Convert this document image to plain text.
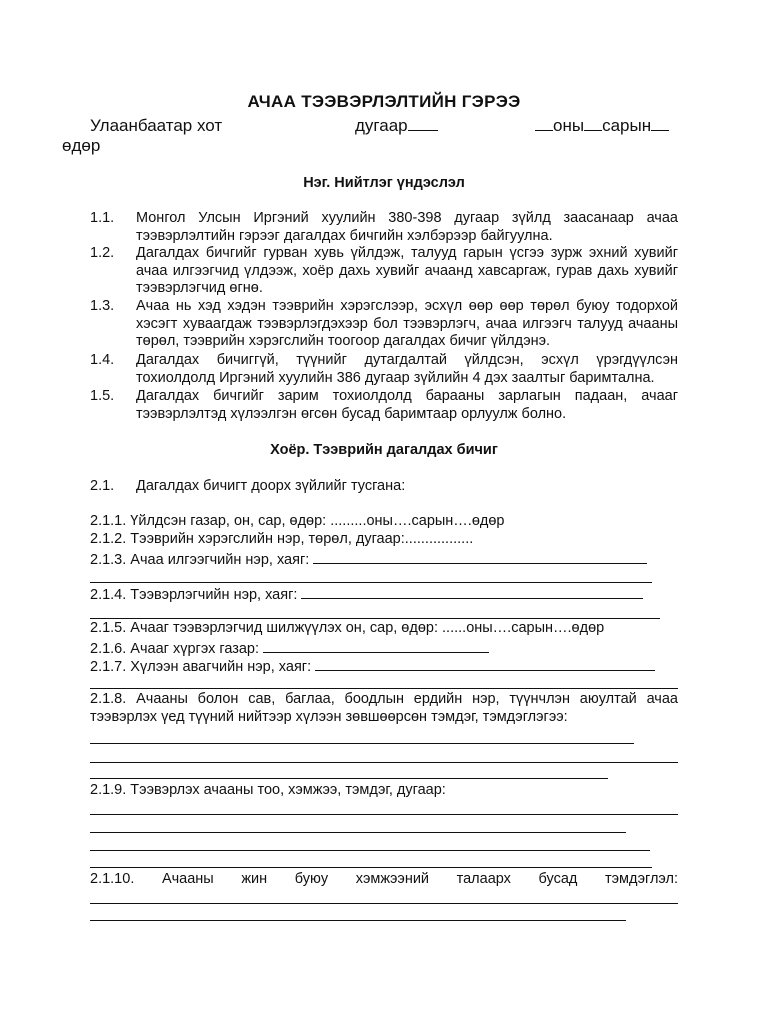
АЧАА ТЭЭВЭРЛЭЛТИЙН ГЭРЭЭ
Улаанбаатар хот	дугаар	оны сарын
өдөр
Нэг. Нийтлэг үндэслэл
1.1. Монгол Улсын Иргэний хуулийн 380-398 дугаар зүйлд заасанаар ачаа тээвэрлэлтийн гэрээг дагалдах бичгийн хэлбэрээр байгуулна.
1.2. Дагалдах бичгийг гурван хувь үйлдэж, талууд гарын үсгээ зурж эхний хувийг ачаа илгээгчид үлдээж, хоёр дахь хувийг ачаанд хавсаргаж, гурав дахь хувийг тээвэрлэгчид өгнө.
1.3. Ачаа нь хэд хэдэн тээврийн хэрэгслээр, эсхүл өөр өөр төрөл буюу тодорхой хэсэгт хуваагдаж тээвэрлэгдэхээр бол тээвэрлэгч, ачаа илгээгч талууд ачааны төрөл, тээврийн хэрэгслийн тоогоор дагалдах бичиг үйлдэнэ.
1.4. Дагалдах бичиггүй, түүнийг дутагдалтай үйлдсэн, эсхүл үрэгдүүлсэн тохиолдолд Иргэний хуулийн 386 дугаар зүйлийн 4 дэх заалтыг баримтална.
1.5. Дагалдах бичгийг зарим тохиолдолд барааны зарлагын падаан, ачааг тээвэрлэлтэд хүлээлгэн өгсөн бусад баримтаар орлуулж болно.
Хоёр. Тээврийн дагалдах бичиг
2.1. Дагалдах бичигт доорх зүйлийг тусгана:
2.1.1. Үйлдсэн газар, он, сар, өдөр: .........оны….сарын….өдөр
2.1.2. Тээврийн хэрэгслийн нэр, төрөл, дугаар:.................
2.1.3. Ачаа илгээгчийн нэр, хаяг:
2.1.4. Тээвэрлэгчийн нэр, хаяг:
2.1.5. Ачааг тээвэрлэгчид шилжүүлэх он, сар, өдөр: ......оны….сарын….өдөр
2.1.6. Ачааг хүргэх газар:
2.1.7. Хүлээн авагчийн нэр, хаяг:
2.1.8. Ачааны болон сав, баглаа, боодлын ердийн нэр, түүнчлэн аюултай ачаа тээвэрлэх үед түүний нийтээр хүлээн зөвшөөрсөн тэмдэг, тэмдэглэгээ:
2.1.9. Тээвэрлэх ачааны тоо, хэмжээ, тэмдэг, дугаар:
2.1.10. Ачааны жин буюу хэмжээний талаарх бусад тэмдэглэл:
